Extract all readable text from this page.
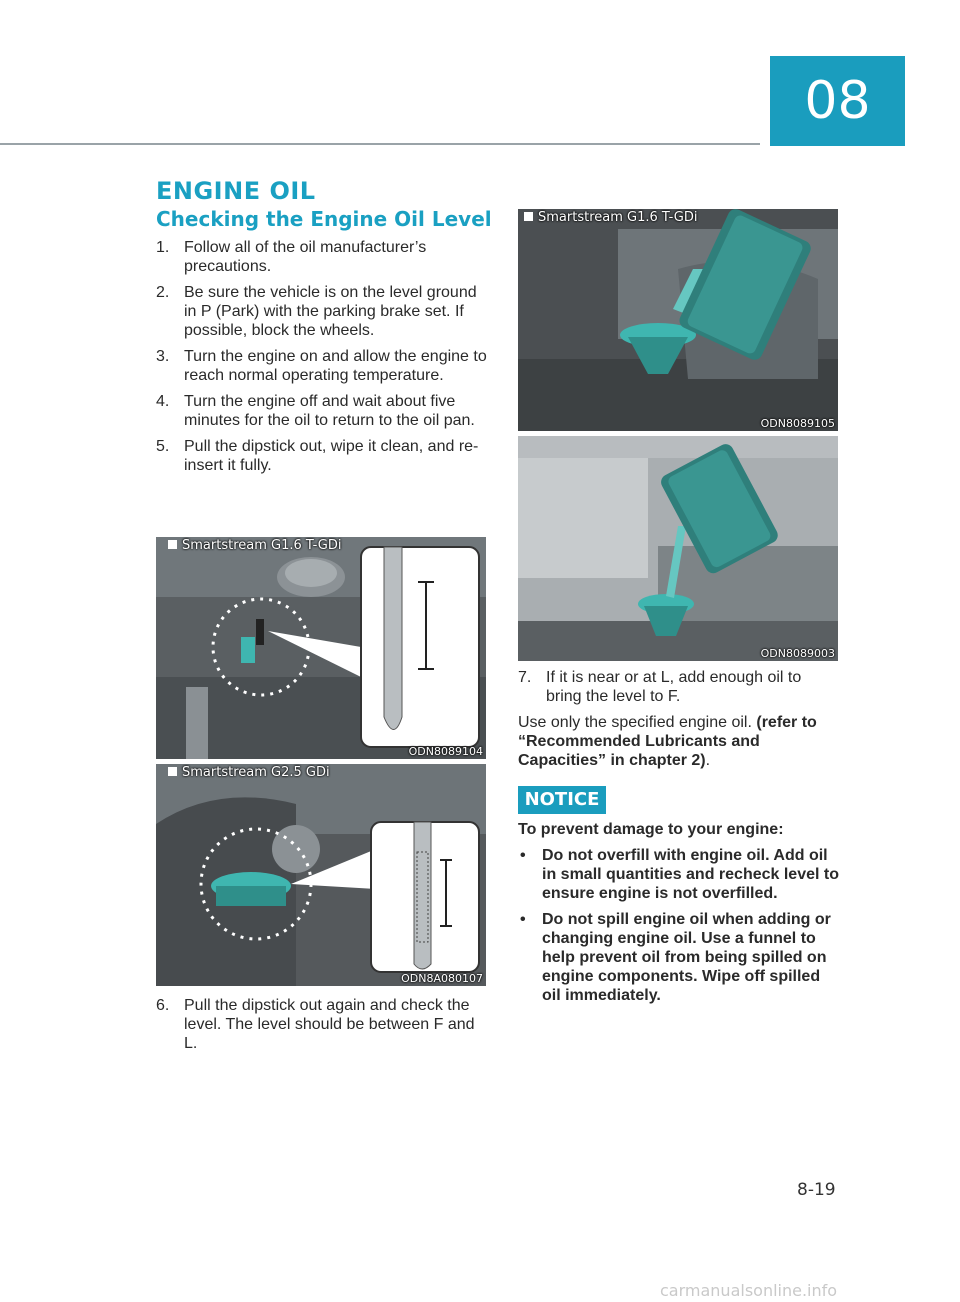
08
ENGINE OIL
Checking the Engine Oil Level
1. Follow all of the oil manufacturer’s precautions.
2. Be sure the vehicle is on the level ground in P (Park) with the parking brake set. If possible, block the wheels.
3. Turn the engine on and allow the engine to reach normal operating temperature.
4. Turn the engine off and wait about five minutes for the oil to return to the oil pan.
5. Pull the dipstick out, wipe it clean, and re-insert it fully.
Smartstream G1.6 T-GDi
ODN8089104
Smartstream G2.5 GDi
ODN8A080107
6. Pull the dipstick out again and check the level. The level should be between F and L.
Smartstream G1.6 T-GDi
ODN8089105
ODN8089003
7. If it is near or at L, add enough oil to bring the level to F.
Use only the specified engine oil. (refer to “Recommended Lubricants and Capacities” in chapter 2).
NOTICE
To prevent damage to your engine:
• Do not overfill with engine oil. Add oil in small quantities and recheck level to ensure engine is not overfilled.
• Do not spill engine oil when adding or changing engine oil. Use a funnel to help prevent oil from being spilled on engine components. Wipe off spilled oil immediately.
8-19
carmanualsonline.info
